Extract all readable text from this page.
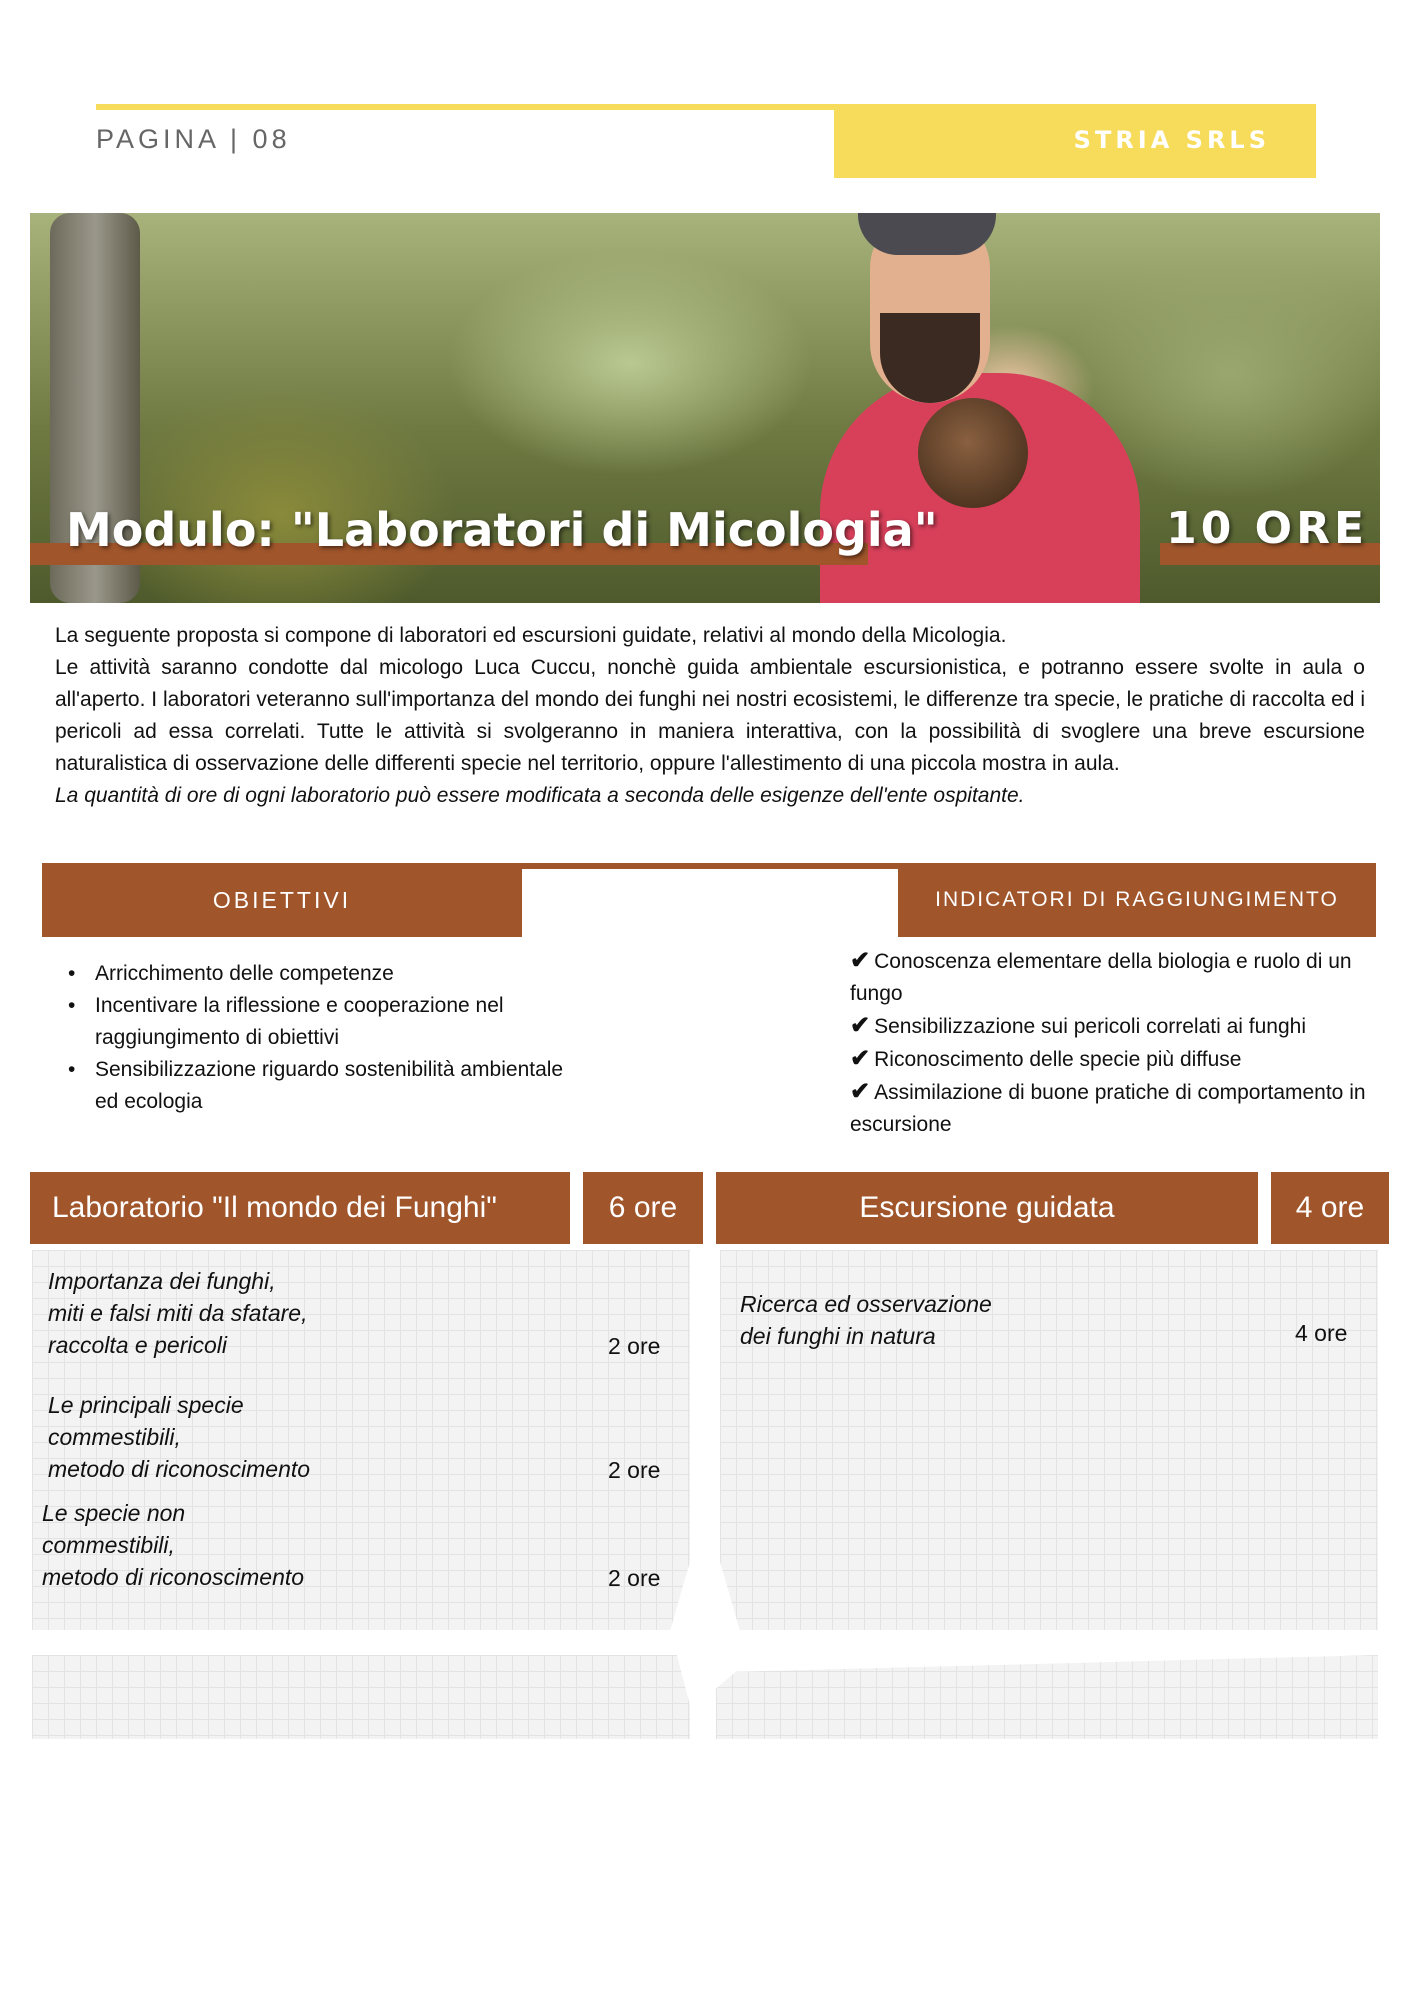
PAGINA | 08	STRIA SRLS
Modulo: "Laboratori di Micologia"	10 ORE

La seguente proposta si compone di laboratori ed escursioni guidate, relativi al mondo della Micologia.

Le attività saranno condotte dal micologo Luca Cuccu, nonchè guida ambientale escursionistica, e potranno essere svolte in aula o all'aperto. I laboratori veteranno sull'importanza del mondo dei funghi nei nostri ecosistemi, le differenze tra specie, le pratiche di raccolta ed i pericoli ad essa correlati. Tutte le attività si svolgeranno in maniera interattiva, con la possibilità di svoglere una breve escursione naturalistica di osservazione delle differenti specie nel territorio, oppure l'allestimento di una piccola mostra in aula.

La quantità di ore di ogni laboratorio può essere modificata a seconda delle esigenze dell'ente ospitante.

OBIETTIVI	INDICATORI DI RAGGIUNGIMENTO
• Arricchimento delle competenze
• Incentivare la riflessione e cooperazione nel raggiungimento di obiettivi
• Sensibilizzazione riguardo sostenibilità ambientale ed ecologia
✔ Conoscenza elementare della biologia e ruolo di un fungo
✔ Sensibilizzazione sui pericoli correlati ai funghi
✔ Riconoscimento delle specie più diffuse
✔ Assimilazione di buone pratiche di comportamento in escursione
Laboratorio "Il mondo dei Funghi"	6 ore	Escursione guidata	4 ore
Importanza dei funghi,
miti e falsi miti da sfatare,
raccolta e pericoli	2 ore
Le principali specie
commestibili,
metodo di riconoscimento	2 ore
Le specie non
commestibili,
metodo di riconoscimento	2 ore
Ricerca ed osservazione
dei funghi in natura	4 ore
